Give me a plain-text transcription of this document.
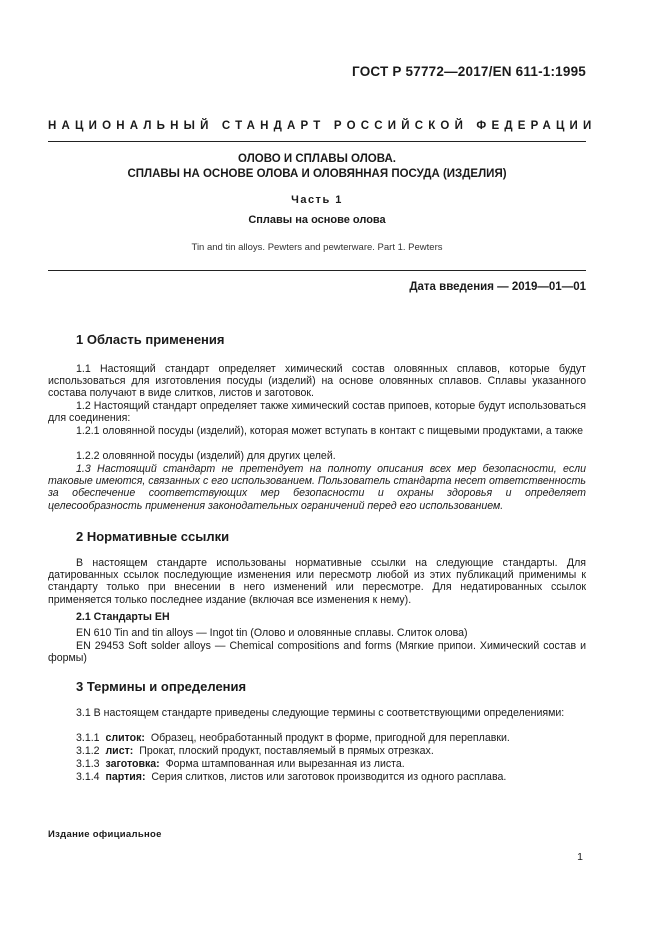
ГОСТ Р 57772—2017/EN 611-1:1995
НАЦИОНАЛЬНЫЙ СТАНДАРТ РОССИЙСКОЙ ФЕДЕРАЦИИ
ОЛОВО И СПЛАВЫ ОЛОВА.
СПЛАВЫ НА ОСНОВЕ ОЛОВА И ОЛОВЯННАЯ ПОСУДА (ИЗДЕЛИЯ)
Часть 1
Сплавы на основе олова
Tin and tin alloys. Pewters and pewterware. Part 1. Pewters
Дата введения — 2019—01—01
1 Область применения

1.1 Настоящий стандарт определяет химический состав оловянных сплавов, которые будут использоваться для изготовления посуды (изделий) на основе оловянных сплавов. Сплавы указанного состава получают в виде слитков, листов и заготовок.

1.2 Настоящий стандарт определяет также химический состав припоев, которые будут использоваться для соединения:

1.2.1 оловянной посуды (изделий), которая может вступать в контакт с пищевыми продуктами, а также

1.2.2 оловянной посуды (изделий) для других целей.

1.3 Настоящий стандарт не претендует на полноту описания всех мер безопасности, если таковые имеются, связанных с его использованием. Пользователь стандарта несет ответственность за обеспечение соответствующих мер безопасности и охраны здоровья и определяет целесообразность применения законодательных ограничений перед его использованием.

2 Нормативные ссылки

В настоящем стандарте использованы нормативные ссылки на следующие стандарты. Для датированных ссылок последующие изменения или пересмотр любой из этих публикаций применимы к стандарту только при внесении в него изменений или пересмотре. Для недатированных ссылок применяется только последнее издание (включая все изменения к нему).

2.1 Стандарты ЕН

EN 610 Tin and tin alloys — Ingot tin (Олово и оловянные сплавы. Слиток олова)

EN 29453 Soft solder alloys — Chemical compositions and forms (Мягкие припои. Химический состав и формы)

3 Термины и определения

3.1 В настоящем стандарте приведены следующие термины с соответствующими определениями:

3.1.1 слиток: Образец, необработанный продукт в форме, пригодной для переплавки.

3.1.2 лист: Прокат, плоский продукт, поставляемый в прямых отрезках.

3.1.3 заготовка: Форма штампованная или вырезанная из листа.

3.1.4 партия: Серия слитков, листов или заготовок производится из одного расплава.

Издание официальное
1
